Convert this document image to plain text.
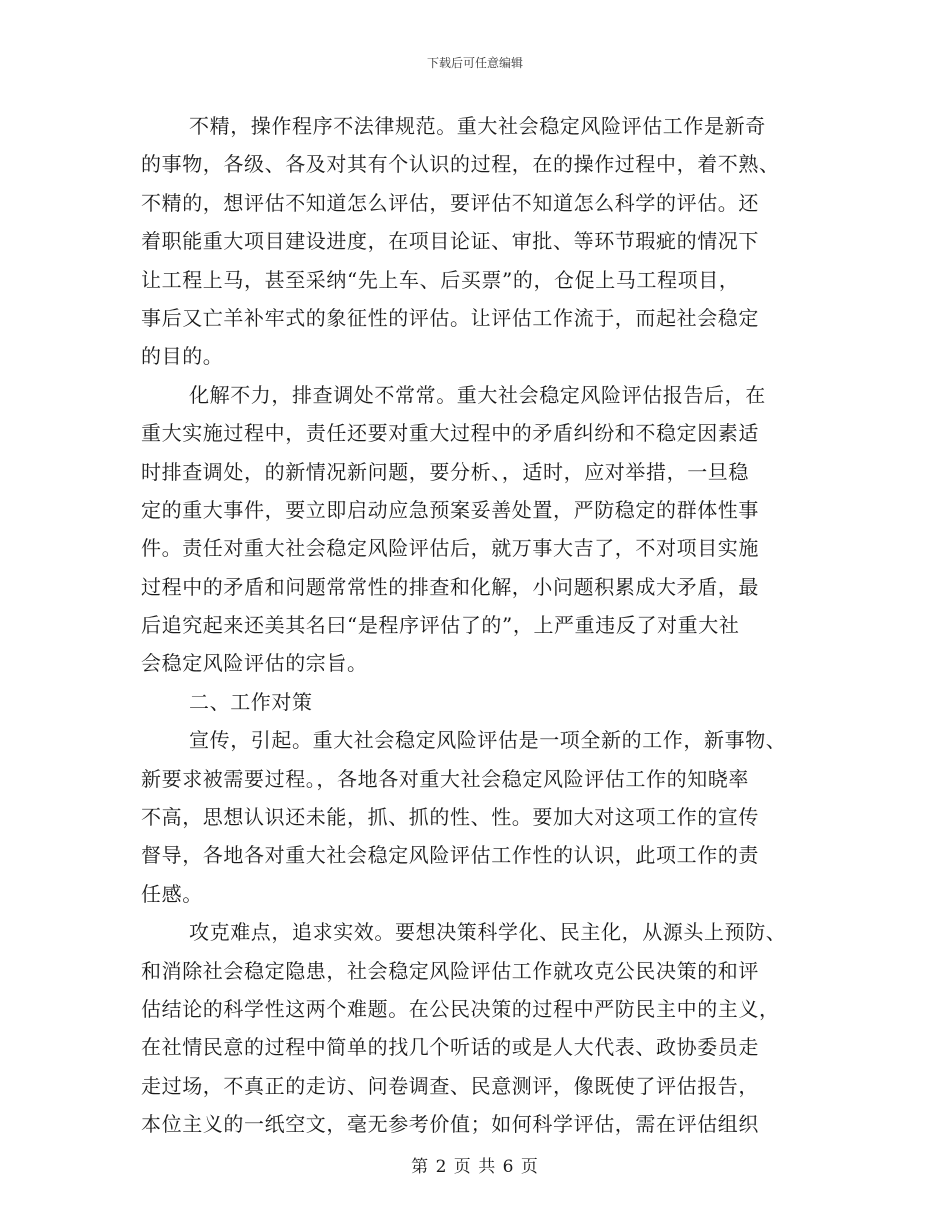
下载后可任意编辑
不精，操作程序不法律规范。重大社会稳定风险评估工作是新奇
的事物，各级、各及对其有个认识的过程，在的操作过程中，着不熟、
不精的，想评估不知道怎么评估，要评估不知道怎么科学的评估。还
着职能重大项目建设进度，在项目论证、审批、等环节瑕疵的情况下
让工程上马，甚至采纳“先上车、后买票”的，仓促上马工程项目，
事后又亡羊补牢式的象征性的评估。让评估工作流于，而起社会稳定
的目的。
化解不力，排查调处不常常。重大社会稳定风险评估报告后，在
重大实施过程中，责任还要对重大过程中的矛盾纠纷和不稳定因素适
时排查调处，的新情况新问题，要分析、，适时，应对举措，一旦稳
定的重大事件，要立即启动应急预案妥善处置，严防稳定的群体性事
件。责任对重大社会稳定风险评估后，就万事大吉了，不对项目实施
过程中的矛盾和问题常常性的排查和化解，小问题积累成大矛盾，最
后追究起来还美其名曰“是程序评估了的”，上严重违反了对重大社
会稳定风险评估的宗旨。
二、工作对策
宣传，引起。重大社会稳定风险评估是一项全新的工作，新事物、
新要求被需要过程。，各地各对重大社会稳定风险评估工作的知晓率
不高，思想认识还未能，抓、抓的性、性。要加大对这项工作的宣传
督导，各地各对重大社会稳定风险评估工作性的认识，此项工作的责
任感。
攻克难点，追求实效。要想决策科学化、民主化，从源头上预防、
和消除社会稳定隐患，社会稳定风险评估工作就攻克公民决策的和评
估结论的科学性这两个难题。在公民决策的过程中严防民主中的主义，
在社情民意的过程中简单的找几个听话的或是人大代表、政协委员走
走过场，不真正的走访、问卷调查、民意测评，像既使了评估报告，
本位主义的一纸空文，毫无参考价值；如何科学评估，需在评估组织
第 2 页 共 6 页
